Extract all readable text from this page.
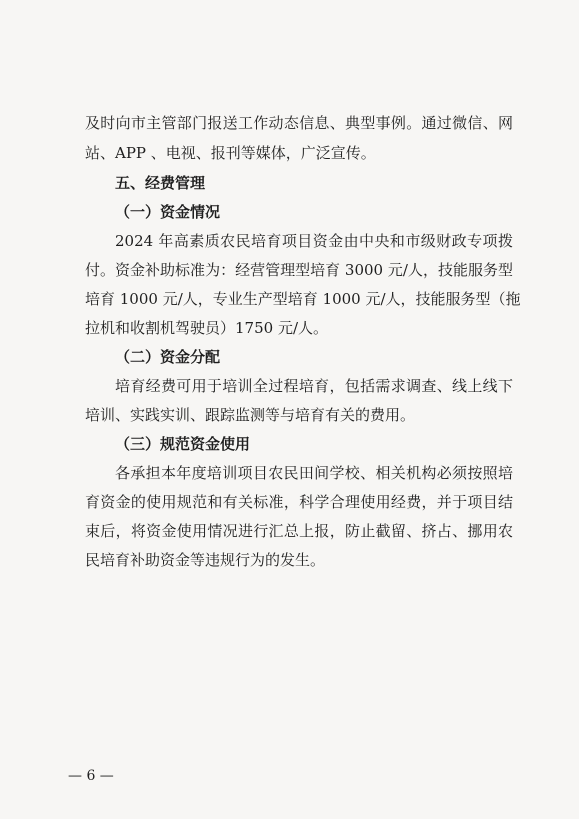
及时向市主管部门报送工作动态信息、典型事例。通过微信、网
站、APP 、电视、报刊等媒体，广泛宣传。
五、经费管理
（一）资金情况
2024 年高素质农民培育项目资金由中央和市级财政专项拨
付。资金补助标准为：经营管理型培育 3000 元/人，技能服务型
培育 1000 元/人，专业生产型培育 1000 元/人，技能服务型（拖
拉机和收割机驾驶员）1750 元/人。
（二）资金分配
培育经费可用于培训全过程培育，包括需求调查、线上线下
培训、实践实训、跟踪监测等与培育有关的费用。
（三）规范资金使用
各承担本年度培训项目农民田间学校、相关机构必须按照培
育资金的使用规范和有关标准，科学合理使用经费，并于项目结
束后，将资金使用情况进行汇总上报，防止截留、挤占、挪用农
民培育补助资金等违规行为的发生。
— 6 —
